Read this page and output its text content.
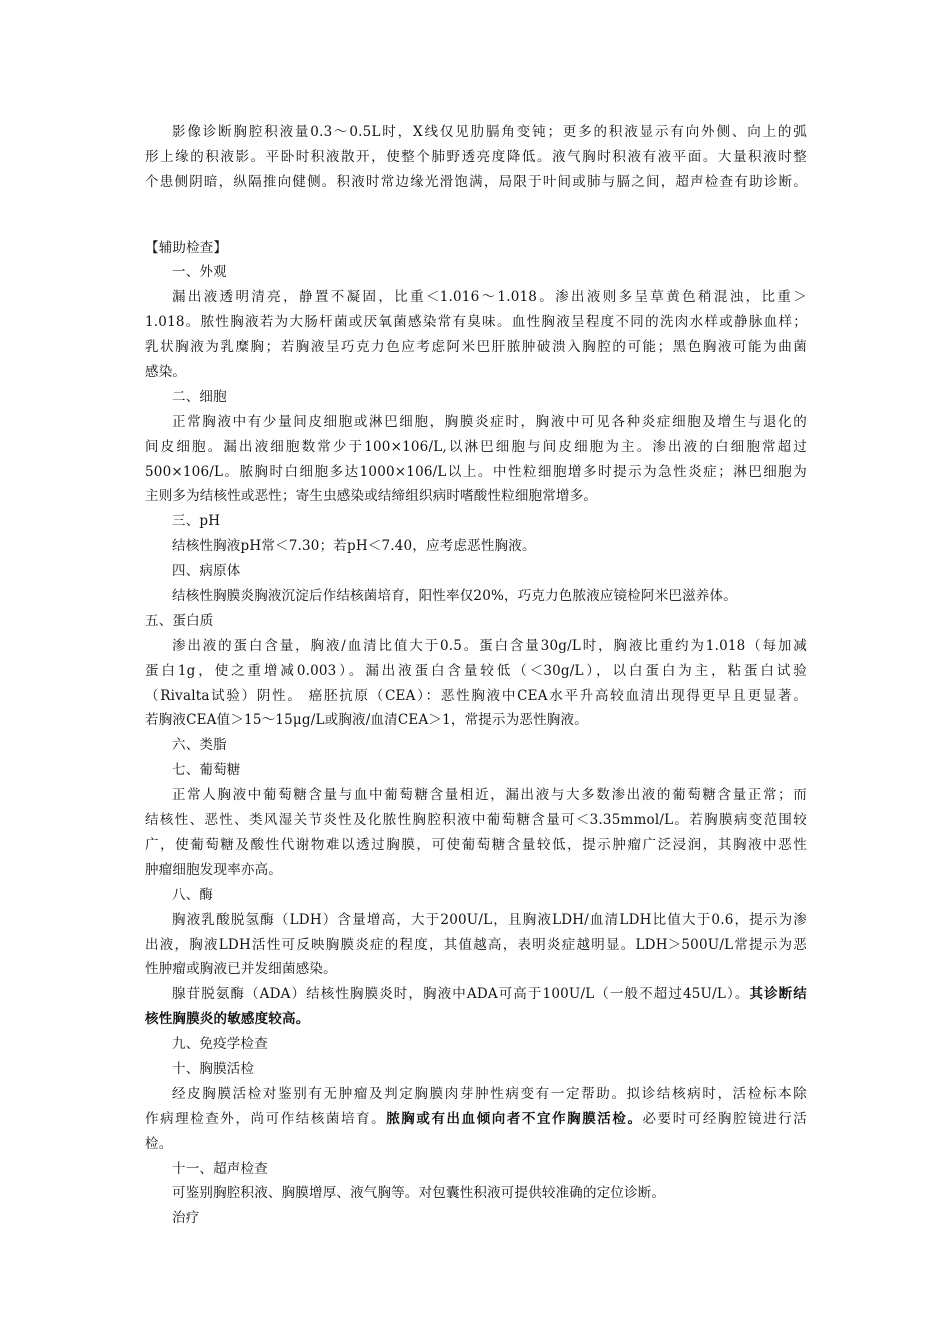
影像诊断胸腔积液量0.3～0.5L时，X线仅见肋膈角变钝；更多的积液显示有向外侧、向上的弧
形上缘的积液影。平卧时积液散开，使整个肺野透亮度降低。液气胸时积液有液平面。大量积液时整
个患侧阴暗，纵隔推向健侧。积液时常边缘光滑饱满，局限于叶间或肺与膈之间，超声检查有助诊断。
【辅助检查】
一、外观
漏出液透明清亮，静置不凝固，比重＜1.016～1.018。渗出液则多呈草黄色稍混浊，比重＞
1.018。脓性胸液若为大肠杆菌或厌氧菌感染常有臭味。血性胸液呈程度不同的洗肉水样或静脉血样；
乳状胸液为乳糜胸；若胸液呈巧克力色应考虑阿米巴肝脓肿破溃入胸腔的可能；黑色胸液可能为曲菌
感染。
二、细胞
正常胸液中有少量间皮细胞或淋巴细胞，胸膜炎症时，胸液中可见各种炎症细胞及增生与退化的
间皮细胞。漏出液细胞数常少于100×106/L,以淋巴细胞与间皮细胞为主。渗出液的白细胞常超过
500×106/L。脓胸时白细胞多达1000×106/L以上。中性粒细胞增多时提示为急性炎症；淋巴细胞为
主则多为结核性或恶性；寄生虫感染或结缔组织病时嗜酸性粒细胞常增多。
三、pH
结核性胸液pH常＜7.30；若pH＜7.40，应考虑恶性胸液。
四、病原体
结核性胸膜炎胸液沉淀后作结核菌培育，阳性率仅20%，巧克力色脓液应镜检阿米巴滋养体。
五、蛋白质
渗出液的蛋白含量，胸液/血清比值大于0.5。蛋白含量30g/L时，胸液比重约为1.018（每加减
蛋白1g，使之重增减0.003）。漏出液蛋白含量较低（＜30g/L），以白蛋白为主，粘蛋白试验
（Rivalta试验）阴性。 癌胚抗原（CEA）：恶性胸液中CEA水平升高较血清出现得更早且更显著。
若胸液CEA值＞15～15μg/L或胸液/血清CEA＞1，常提示为恶性胸液。
六、类脂
七、葡萄糖
正常人胸液中葡萄糖含量与血中葡萄糖含量相近，漏出液与大多数渗出液的葡萄糖含量正常；而
结核性、恶性、类风湿关节炎性及化脓性胸腔积液中葡萄糖含量可＜3.35mmol/L。若胸膜病变范围较
广，使葡萄糖及酸性代谢物难以透过胸膜，可使葡萄糖含量较低，提示肿瘤广泛浸润，其胸液中恶性
肿瘤细胞发现率亦高。
八、酶
胸液乳酸脱氢酶（LDH）含量增高，大于200U/L，且胸液LDH/血清LDH比值大于0.6，提示为渗
出液，胸液LDH活性可反映胸膜炎症的程度，其值越高，表明炎症越明显。LDH＞500U/L常提示为恶
性肿瘤或胸液已并发细菌感染。
腺苷脱氨酶（ADA）结核性胸膜炎时，胸液中ADA可高于100U/L（一般不超过45U/L）。其诊断结
核性胸膜炎的敏感度较高。
九、免疫学检查
十、胸膜活检
经皮胸膜活检对鉴别有无肿瘤及判定胸膜肉芽肿性病变有一定帮助。拟诊结核病时，活检标本除
作病理检查外，尚可作结核菌培育。脓胸或有出血倾向者不宜作胸膜活检。必要时可经胸腔镜进行活
检。
十一、超声检查
可鉴别胸腔积液、胸膜增厚、液气胸等。对包囊性积液可提供较准确的定位诊断。
治疗
